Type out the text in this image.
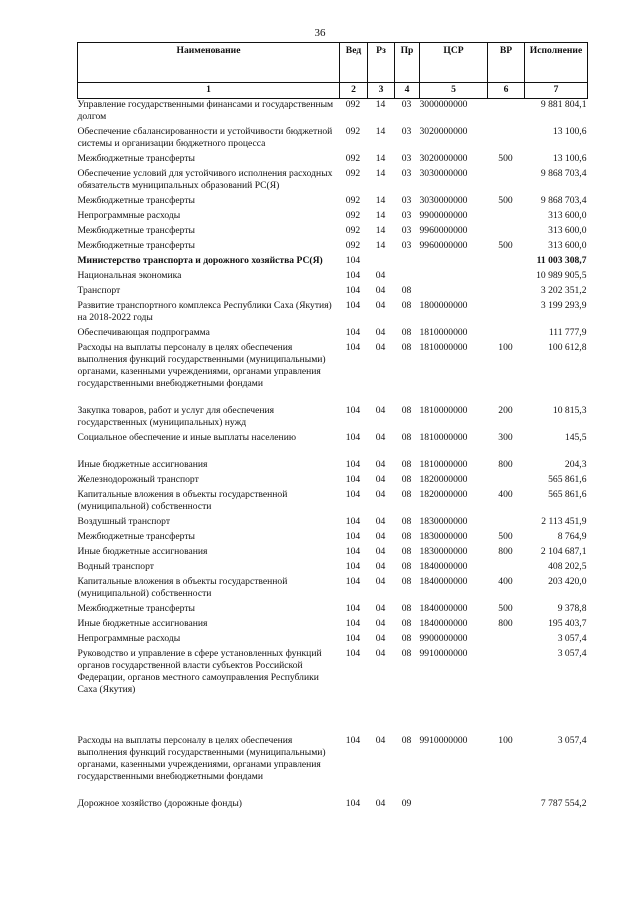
36
Наименование	Вед	Рз	Пр	ЦСР	ВР	Исполнение
1	2	3	4	5	6	7
Управление государственными финансами и государственным долгом	092	14	03	3000000000		9 881 804,1
Обеспечение сбалансированности и устойчивости бюджетной системы и организации бюджетного процесса	092	14	03	3020000000		13 100,6
Межбюджетные трансферты	092	14	03	3020000000	500	13 100,6
Обеспечение условий для устойчивого исполнения расходных обязательств муниципальных образований РС(Я)	092	14	03	3030000000		9 868 703,4
Межбюджетные трансферты	092	14	03	3030000000	500	9 868 703,4
Непрограммные расходы	092	14	03	9900000000		313 600,0
Межбюджетные трансферты	092	14	03	9960000000		313 600,0
Межбюджетные трансферты	092	14	03	9960000000	500	313 600,0
Министерство транспорта и дорожного хозяйства РС(Я)	104					11 003 308,7
Национальная экономика	104	04				10 989 905,5
Транспорт	104	04	08			3 202 351,2
Развитие транспортного комплекса Республики Саха (Якутия) на 2018-2022 годы	104	04	08	1800000000		3 199 293,9
Обеспечивающая подпрограмма	104	04	08	1810000000		111 777,9
Расходы на выплаты персоналу в целях обеспечения выполнения функций государственными (муниципальными) органами, казенными учреждениями, органами управления государственными внебюджетными фондами	104	04	08	1810000000	100	100 612,8
Закупка товаров, работ и услуг для обеспечения государственных (муниципальных) нужд	104	04	08	1810000000	200	10 815,3
Социальное обеспечение и иные выплаты населению	104	04	08	1810000000	300	145,5
Иные бюджетные ассигнования	104	04	08	1810000000	800	204,3
Железнодорожный транспорт	104	04	08	1820000000		565 861,6
Капитальные вложения в объекты государственной (муниципальной) собственности	104	04	08	1820000000	400	565 861,6
Воздушный транспорт	104	04	08	1830000000		2 113 451,9
Межбюджетные трансферты	104	04	08	1830000000	500	8 764,9
Иные бюджетные ассигнования	104	04	08	1830000000	800	2 104 687,1
Водный транспорт	104	04	08	1840000000		408 202,5
Капитальные вложения в объекты государственной (муниципальной) собственности	104	04	08	1840000000	400	203 420,0
Межбюджетные трансферты	104	04	08	1840000000	500	9 378,8
Иные бюджетные ассигнования	104	04	08	1840000000	800	195 403,7
Непрограммные расходы	104	04	08	9900000000		3 057,4
Руководство и управление в сфере установленных функций органов государственной власти субъектов Российской Федерации, органов местного самоуправления Республики Саха (Якутия)	104	04	08	9910000000		3 057,4
Расходы на выплаты персоналу в целях обеспечения выполнения функций государственными (муниципальными) органами, казенными учреждениями, органами управления государственными внебюджетными фондами	104	04	08	9910000000	100	3 057,4
Дорожное хозяйство (дорожные фонды)	104	04	09			7 787 554,2
